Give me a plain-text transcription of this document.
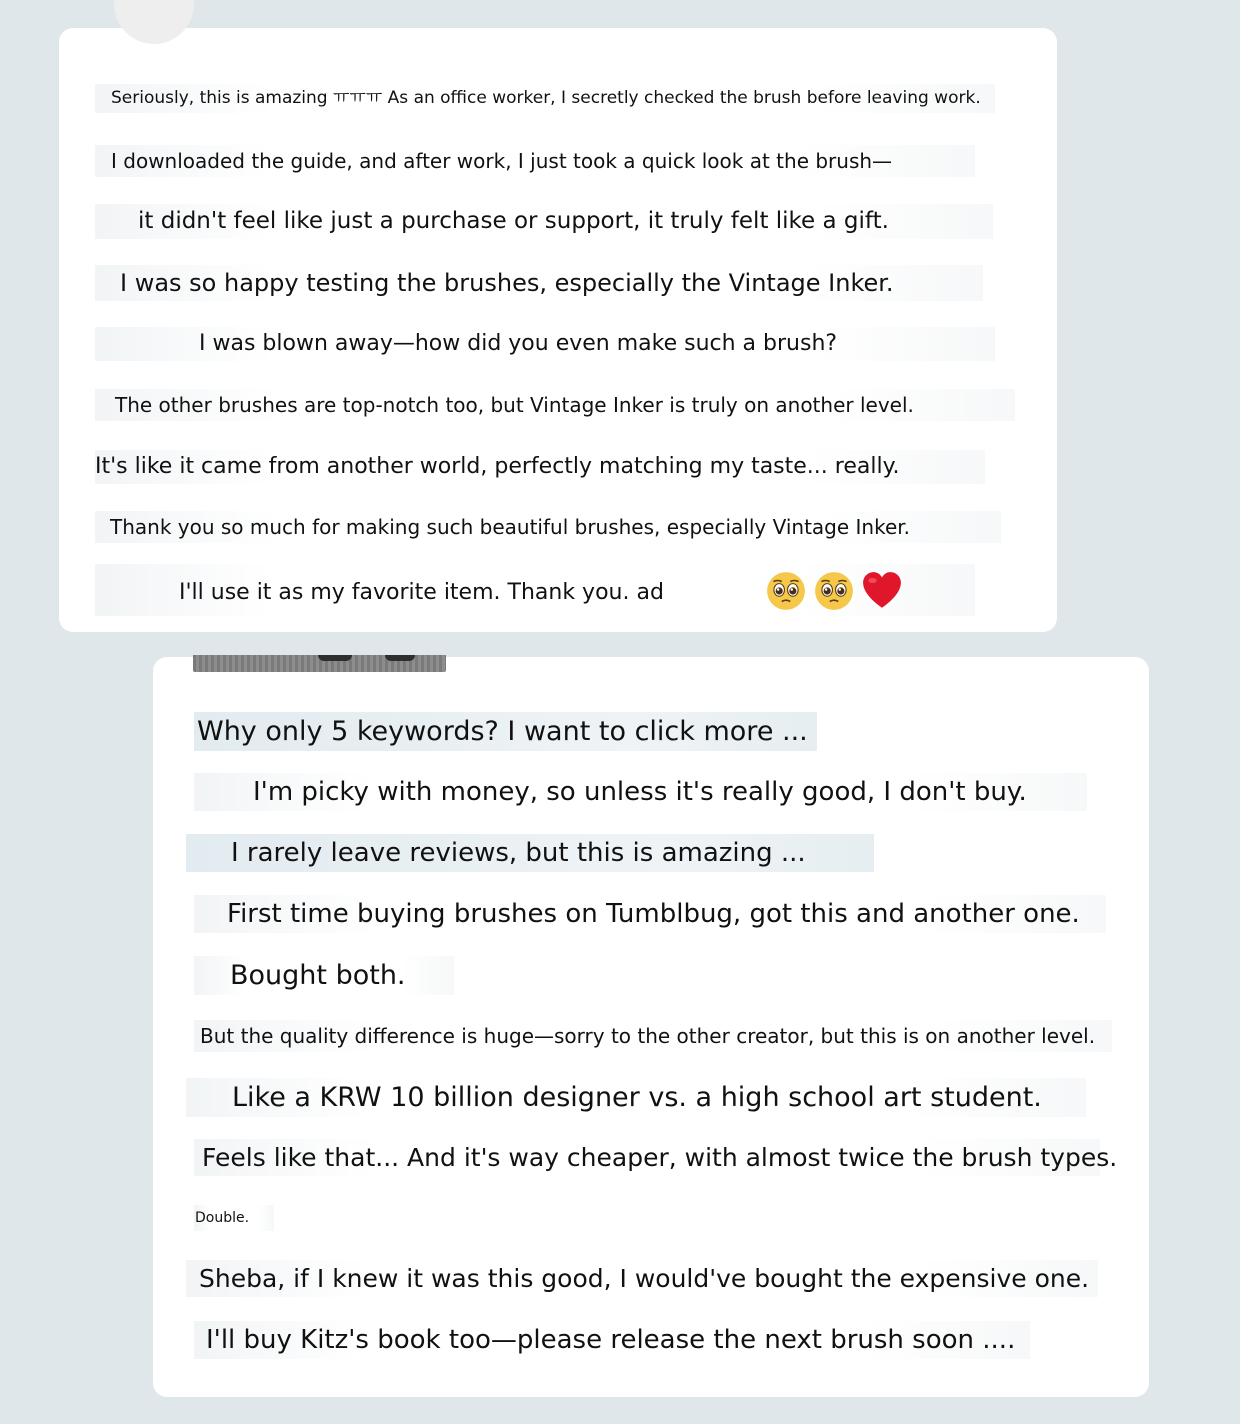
Seriously, this is amazing ㅠㅠㅠ As an office worker, I secretly checked the brush before leaving work.
I downloaded the guide, and after work, I just took a quick look at the brush—
it didn't feel like just a purchase or support, it truly felt like a gift.
I was so happy testing the brushes, especially the Vintage Inker.
I was blown away—how did you even make such a brush?
The other brushes are top-notch too, but Vintage Inker is truly on another level.
It's like it came from another world, perfectly matching my taste... really.
Thank you so much for making such beautiful brushes, especially Vintage Inker.
I'll use it as my favorite item. Thank you. ad
Why only 5 keywords? I want to click more ...
I'm picky with money, so unless it's really good, I don't buy.
I rarely leave reviews, but this is amazing ...
First time buying brushes on Tumblbug, got this and another one.
Bought both.
But the quality difference is huge—sorry to the other creator, but this is on another level.
Like a KRW 10 billion designer vs. a high school art student.
Feels like that... And it's way cheaper, with almost twice the brush types.
Double.
Sheba, if I knew it was this good, I would've bought the expensive one.
I'll buy Kitz's book too—please release the next brush soon ....
